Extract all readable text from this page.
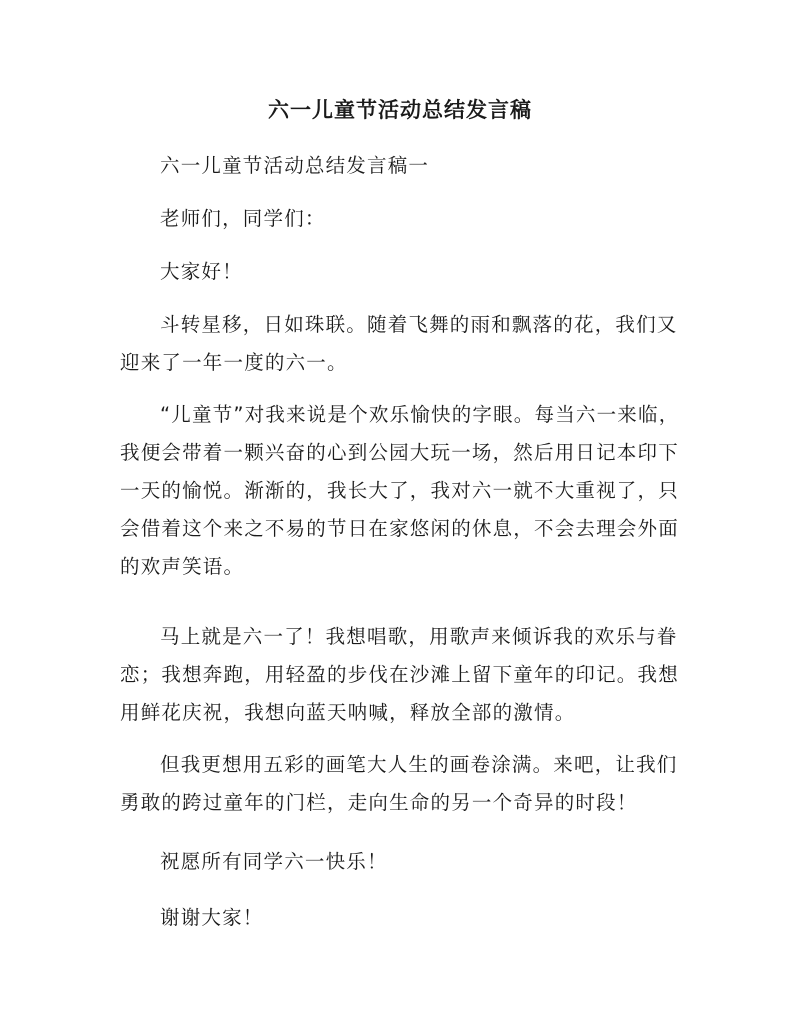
六一儿童节活动总结发言稿
六一儿童节活动总结发言稿一
老师们，同学们：
大家好！
斗转星移，日如珠联。随着飞舞的雨和飘落的花，我们又
迎来了一年一度的六一。
“儿童节”对我来说是个欢乐愉快的字眼。每当六一来临，
我便会带着一颗兴奋的心到公园大玩一场，然后用日记本印下
一天的愉悦。渐渐的，我长大了，我对六一就不大重视了，只
会借着这个来之不易的节日在家悠闲的休息，不会去理会外面
的欢声笑语。
马上就是六一了！我想唱歌，用歌声来倾诉我的欢乐与眷
恋；我想奔跑，用轻盈的步伐在沙滩上留下童年的印记。我想
用鲜花庆祝，我想向蓝天呐喊，释放全部的激情。
但我更想用五彩的画笔大人生的画卷涂满。来吧，让我们
勇敢的跨过童年的门栏，走向生命的另一个奇异的时段！
祝愿所有同学六一快乐！
谢谢大家！
